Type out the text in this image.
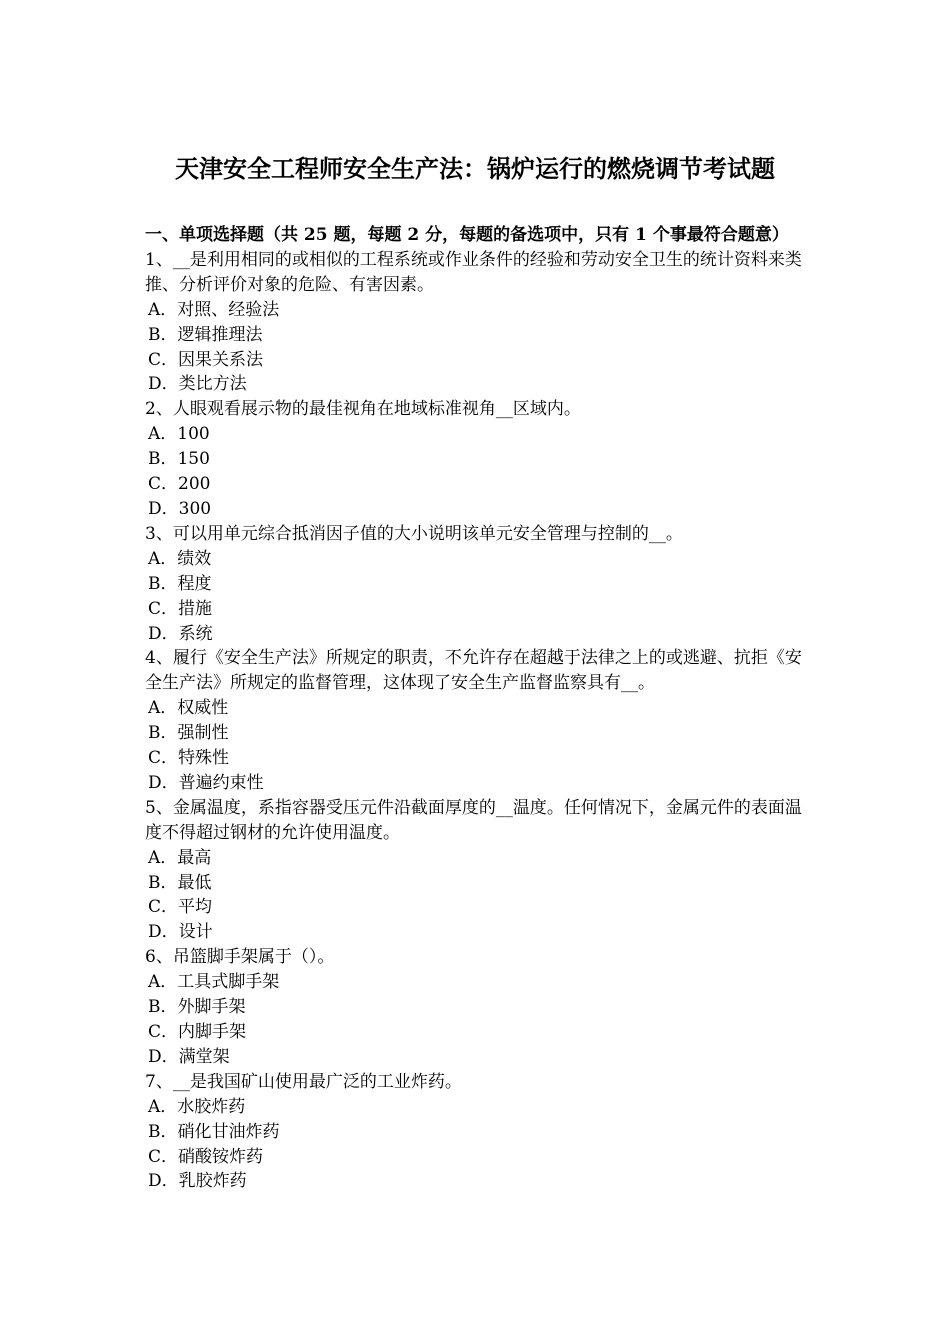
天津安全工程师安全生产法：锅炉运行的燃烧调节考试题
一、单项选择题（共 25 题，每题 2 分，每题的备选项中，只有 1 个事最符合题意）
1、__是利用相同的或相似的工程系统或作业条件的经验和劳动安全卫生的统计资料来类推、分析评价对象的危险、有害因素。
A．对照、经验法
B．逻辑推理法
C．因果关系法
D．类比方法
2、人眼观看展示物的最佳视角在地域标准视角__区域内。
A．100
B．150
C．200
D．300
3、可以用单元综合抵消因子值的大小说明该单元安全管理与控制的__。
A．绩效
B．程度
C．措施
D．系统
4、履行《安全生产法》所规定的职责，不允许存在超越于法律之上的或逃避、抗拒《安全生产法》所规定的监督管理，这体现了安全生产监督监察具有__。
A．权威性
B．强制性
C．特殊性
D．普遍约束性
5、金属温度，系指容器受压元件沿截面厚度的__温度。任何情况下，金属元件的表面温度不得超过钢材的允许使用温度。
A．最高
B．最低
C．平均
D．设计
6、吊篮脚手架属于（）。
A．工具式脚手架
B．外脚手架
C．内脚手架
D．满堂架
7、__是我国矿山使用最广泛的工业炸药。
A．水胶炸药
B．硝化甘油炸药
C．硝酸铵炸药
D．乳胶炸药
